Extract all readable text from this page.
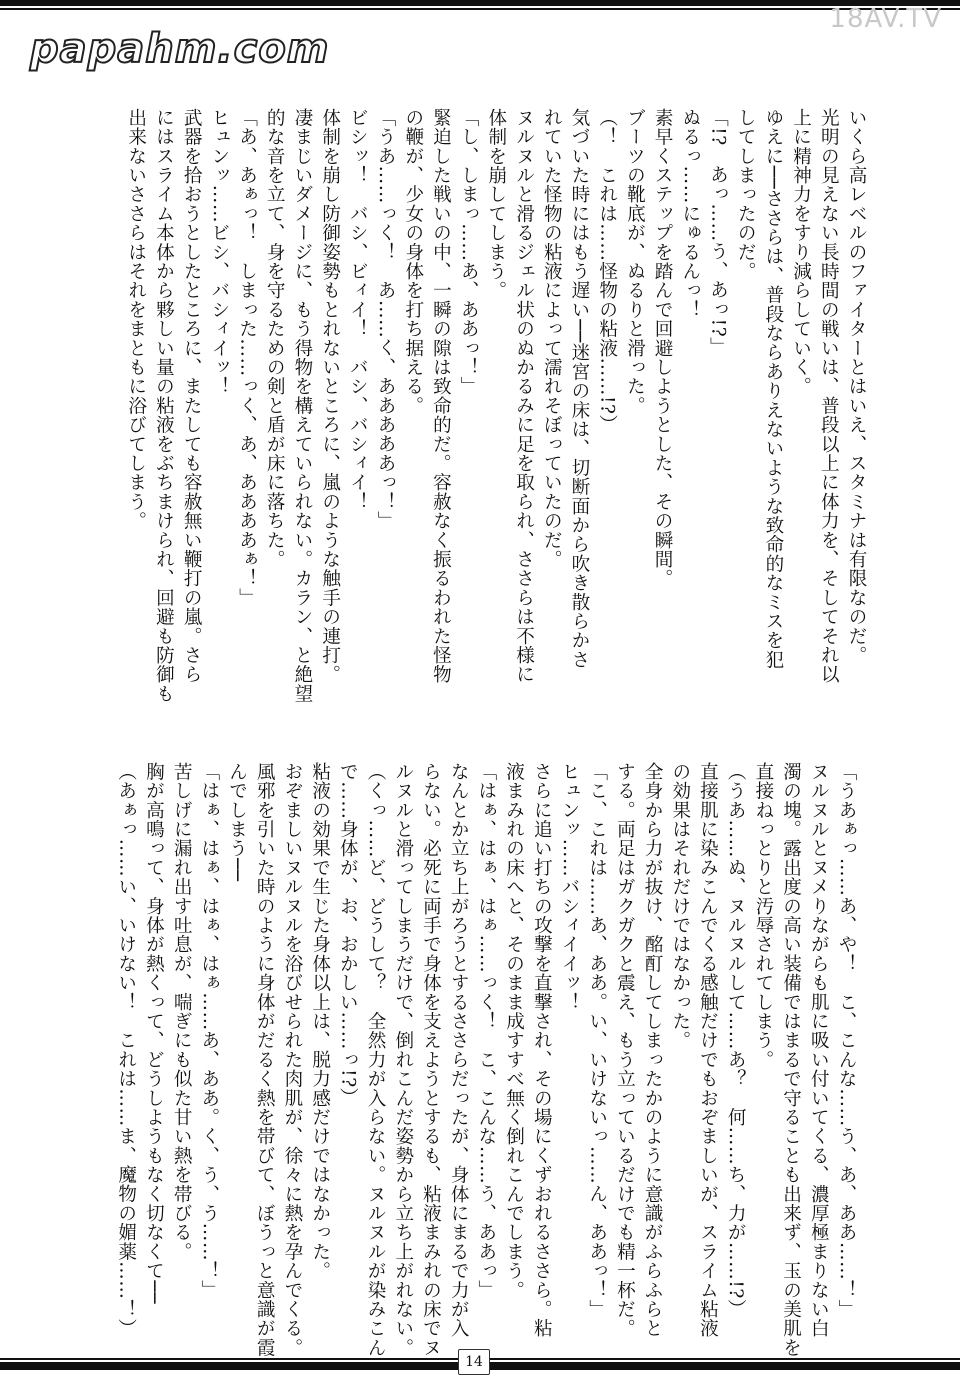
18AV.TV
papahm.com
いくら高レベルのファイターとはいえ、スタミナは有限なのだ。
光明の見えない長時間の戦いは、普段以上に体力を、そしてそれ以
上に精神力をすり減らしていく。
ゆえに──ささらは、普段ならありえないような致命的なミスを犯
してしまったのだ。
「!?　あっ……う、あっ!?」
ぬるっ……にゅるんっ！
素早くステップを踏んで回避しようとした、その瞬間。
ブーツの靴底が、ぬるりと滑った。
（！　これは……怪物の粘液……!?）
気づいた時にはもう遅い──迷宮の床は、切断面から吹き散らかさ
れていた怪物の粘液によって濡れそぼっていたのだ。
ヌルヌルと滑るジェル状のぬかるみに足を取られ、ささらは不様に
体制を崩してしまう。
「し、しまっ……あ、ああっ！」
緊迫した戦いの中、一瞬の隙は致命的だ。容赦なく振るわれた怪物
の鞭が、少女の身体を打ち据える。
「うあ……っく！　あ……く、あああああっ！」
ビシッ！　バシ、ビィイ！　バシ、バシィイ！
体制を崩し防御姿勢もとれないところに、嵐のような触手の連打。
凄まじいダメージに、もう得物を構えていられない。カラン、と絶望
的な音を立て、身を守るための剣と盾が床に落ちた。
「あ、あぁっ！　しまった……っく、あ、ああああぁ！」
ヒュンッ……ビシ、バシィイッ！
武器を拾おうとしたところに、またしても容赦無い鞭打の嵐。さら
にはスライム本体から夥しい量の粘液をぶちまけられ、回避も防御も
出来ないささらはそれをまともに浴びてしまう。
「うあぁっ……あ、や！　こ、こんな……う、あ、ああ……！」
ヌルヌルとヌメりながらも肌に吸い付いてくる、濃厚極まりない白
濁の塊。露出度の高い装備ではまるで守ることも出来ず、玉の美肌を
直接ねっとりと汚辱されてしまう。
（うあ……ぬ、ヌルヌルして……あ？　何……ち、力が……!?）
直接肌に染みこんでくる感触だけでもおぞましいが、スライム粘液
の効果はそれだけではなかった。
全身から力が抜け、酩酊してしまったかのように意識がふらふらと
する。両足はガクガクと震え、もう立っているだけでも精一杯だ。
「こ、これは……あ、ああ。い、いけないっ……ん、ああっ！」
ヒュンッ……バシィイイッ！
さらに追い打ちの攻撃を直撃され、その場にくずおれるささら。粘
液まみれの床へと、そのまま成すすべ無く倒れこんでしまう。
「はぁ、はぁ、はぁ……っく！　こ、こんな……う、ああっ」
なんとか立ち上がろうとするささらだったが、身体にまるで力が入
らない。必死に両手で身体を支えようとするも、粘液まみれの床でヌ
ルヌルと滑ってしまうだけで、倒れこんだ姿勢から立ち上がれない。
（くっ……ど、どうして？　全然力が入らない。ヌルヌルが染みこん
で……身体が、お、おかしい……っ!?）
粘液の効果で生じた身体以上は、脱力感だけではなかった。
おぞましいヌルヌルを浴びせられた肉肌が、徐々に熱を孕んでくる。
風邪を引いた時のように身体がだるく熱を帯びて、ぼうっと意識が霞
んでしまう──
「はぁ、はぁ、はぁ、はぁ……あ、ああ。く、う、う……！」
苦しげに漏れ出す吐息が、喘ぎにも似た甘い熱を帯びる。
胸が高鳴って、身体が熱くって、どうしようもなく切なくて──
（あぁっ……い、いけない！　これは……ま、魔物の媚薬……！）
14
